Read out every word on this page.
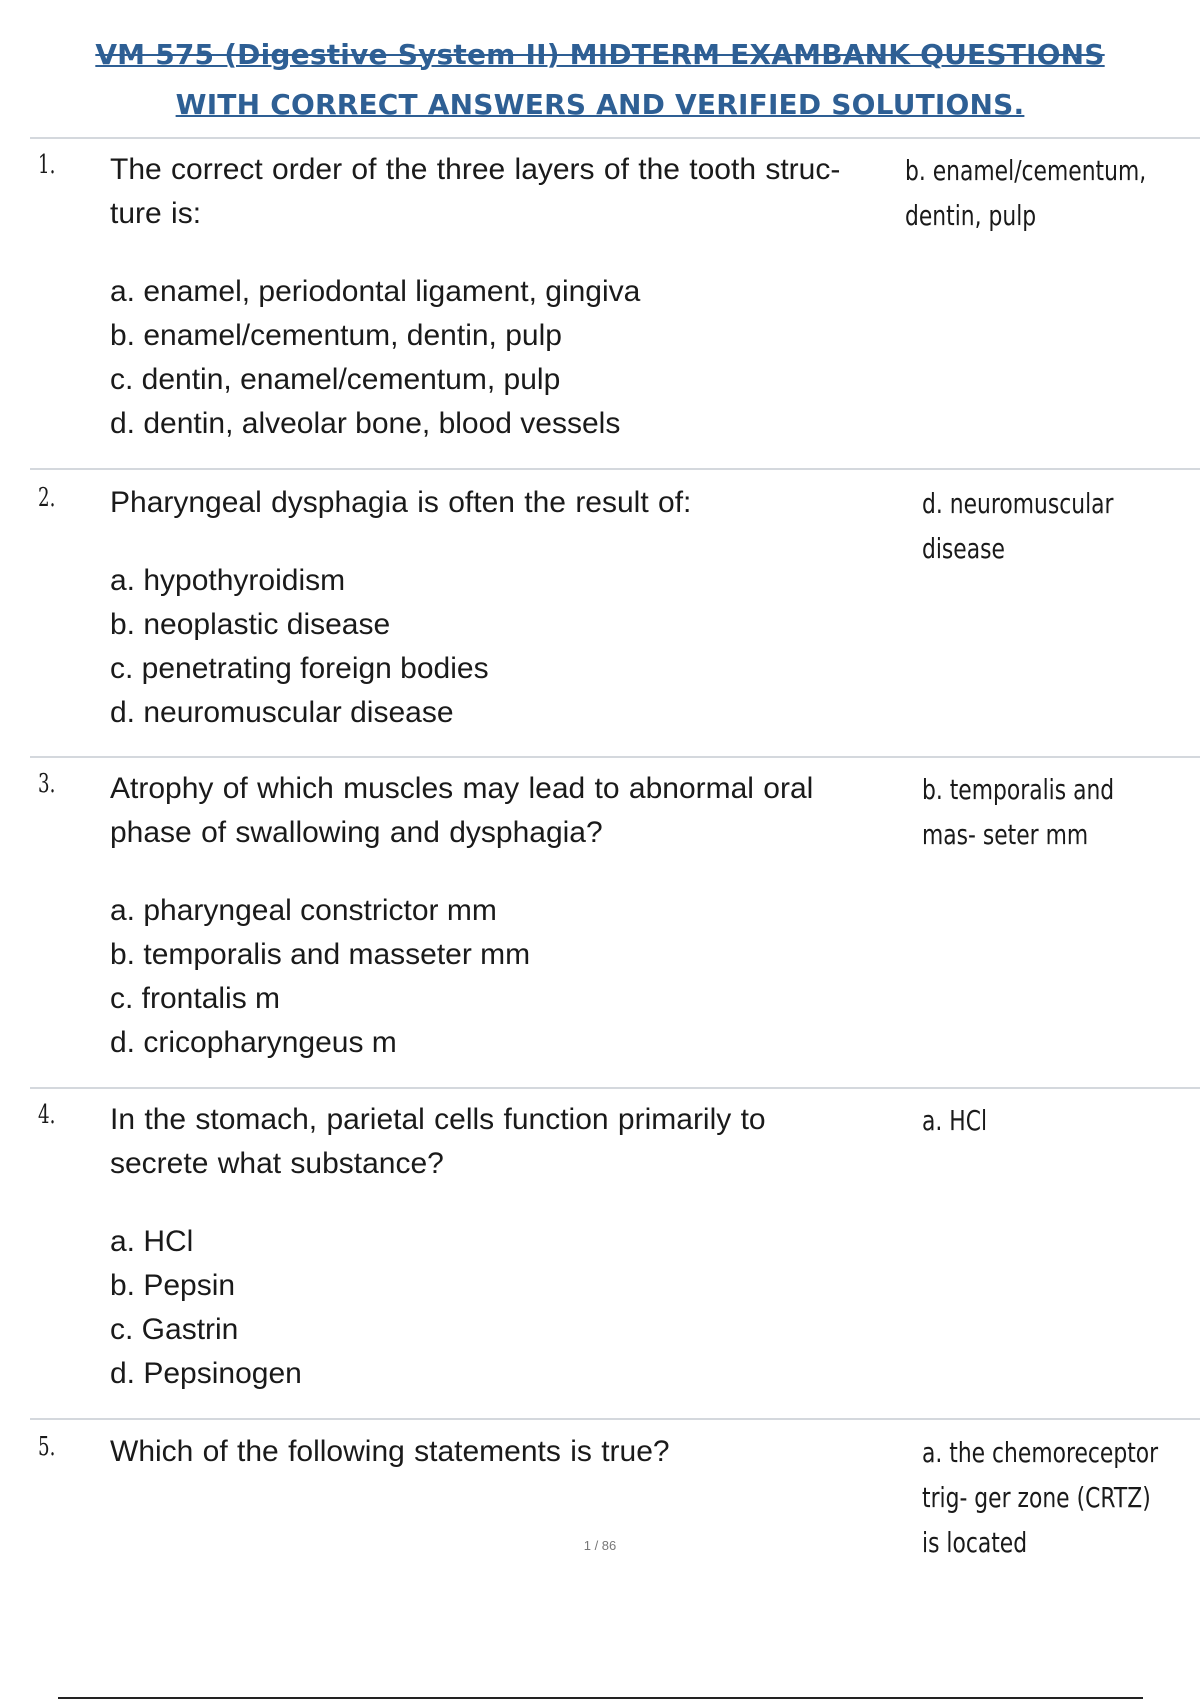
VM 575 (Digestive System II) MIDTERM EXAMBANK QUESTIONS
WITH CORRECT ANSWERS AND VERIFIED SOLUTIONS.
1. The correct order of the three layers of the tooth struc- ture is:
a. enamel, periodontal ligament, gingiva
b. enamel/cementum, dentin, pulp
c. dentin, enamel/cementum, pulp
d. dentin, alveolar bone, blood vessels
b. enamel/cementum, dentin, pulp
2. Pharyngeal dysphagia is often the result of:
a. hypothyroidism
b. neoplastic disease
c. penetrating foreign bodies
d. neuromuscular disease
d. neuromuscular disease
3. Atrophy of which muscles may lead to abnormal oral phase of swallowing and dysphagia?
a. pharyngeal constrictor mm
b. temporalis and masseter mm
c. frontalis m
d. cricopharyngeus m
b. temporalis and mas- seter mm
4. In the stomach, parietal cells function primarily to secrete what substance?
a. HCl
b. Pepsin
c. Gastrin
d. Pepsinogen
a. HCl
5. Which of the following statements is true?	a. the chemoreceptor trig- ger zone (CRTZ) is located
1 / 86
